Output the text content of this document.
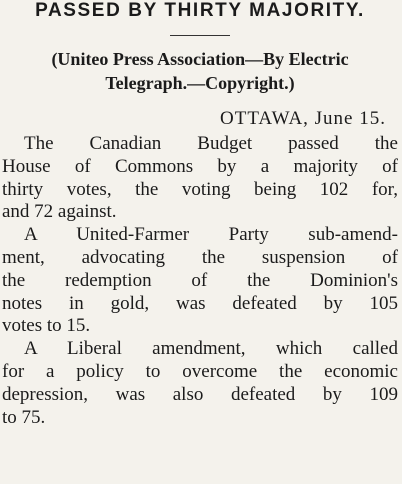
PASSED BY THIRTY MAJORITY.

(Uniteo Press Association—By Electric
Telegraph.—Copyright.)

OTTAWA, June 15.

The Canadian Budget passed the
House of Commons by a majority of
thirty votes, the voting being 102 for,
and 72 against.

A United-Farmer Party sub-amend-
ment, advocating the suspension of
the redemption of the Dominion's
notes in gold, was defeated by 105
votes to 15.

A Liberal amendment, which called
for a policy to overcome the economic
depression, was also defeated by 109
to 75.
